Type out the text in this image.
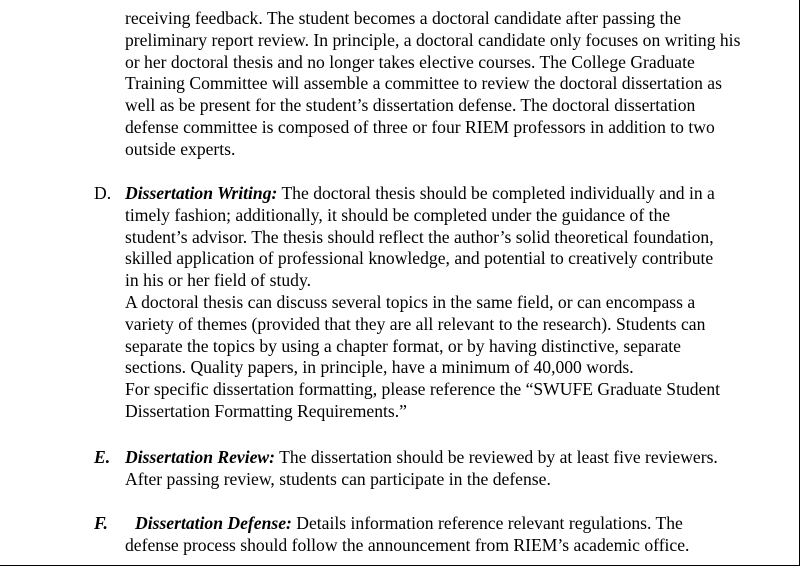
receiving feedback. The student becomes a doctoral candidate after passing the
preliminary report review. In principle, a doctoral candidate only focuses on writing his
or her doctoral thesis and no longer takes elective courses. The College Graduate
Training Committee will assemble a committee to review the doctoral dissertation as
well as be present for the student’s dissertation defense. The doctoral dissertation
defense committee is composed of three or four RIEM professors in addition to two
outside experts.
D. Dissertation Writing: The doctoral thesis should be completed individually and in a
timely fashion; additionally, it should be completed under the guidance of the
student’s advisor. The thesis should reflect the author’s solid theoretical foundation,
skilled application of professional knowledge, and potential to creatively contribute
in his or her field of study.
A doctoral thesis can discuss several topics in the same field, or can encompass a
variety of themes (provided that they are all relevant to the research). Students can
separate the topics by using a chapter format, or by having distinctive, separate
sections. Quality papers, in principle, have a minimum of 40,000 words.
For specific dissertation formatting, please reference the “SWUFE Graduate Student
Dissertation Formatting Requirements.”
E. Dissertation Review: The dissertation should be reviewed by at least five reviewers.
After passing review, students can participate in the defense.
F. Dissertation Defense: Details information reference relevant regulations. The
defense process should follow the announcement from RIEM’s academic office.
